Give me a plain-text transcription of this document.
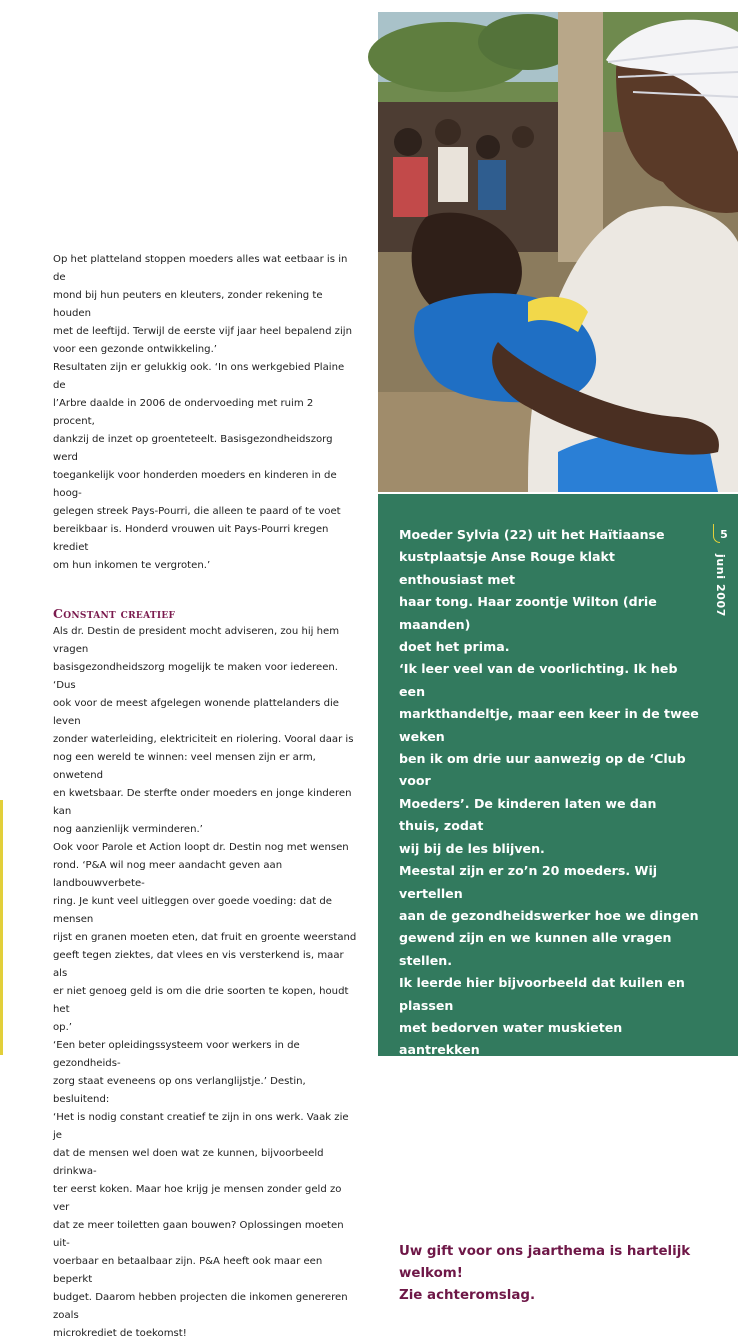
Op het platteland stoppen moeders alles wat eetbaar is in de
mond bij hun peuters en kleuters, zonder rekening te houden
met de leeftijd. Terwijl de eerste vijf jaar heel bepalend zijn
voor een gezonde ontwikkeling.’

Resultaten zijn er gelukkig ook. ‘In ons werkgebied Plaine de
l’Arbre daalde in 2006 de ondervoeding met ruim 2 procent,
dankzij de inzet op groenteteelt. Basisgezondheidszorg werd
toegankelijk voor honderden moeders en kinderen in de hoog-
gelegen streek Pays-Pourri, die alleen te paard of te voet
bereikbaar is. Honderd vrouwen uit Pays-Pourri kregen krediet
om hun inkomen te vergroten.’

Constant creatief

Als dr. Destin de president mocht adviseren, zou hij hem vragen
basisgezondheidszorg mogelijk te maken voor iedereen. ‘Dus
ook voor de meest afgelegen wonende plattelanders die leven
zonder waterleiding, elektriciteit en riolering. Vooral daar is
nog een wereld te winnen: veel mensen zijn er arm, onwetend
en kwetsbaar. De sterfte onder moeders en jonge kinderen kan
nog aanzienlijk verminderen.’

Ook voor Parole et Action loopt dr. Destin nog met wensen
rond. ‘P&A wil nog meer aandacht geven aan landbouwverbete-
ring. Je kunt veel uitleggen over goede voeding: dat de mensen
rijst en granen moeten eten, dat fruit en groente weerstand
geeft tegen ziektes, dat vlees en vis versterkend is, maar als
er niet genoeg geld is om die drie soorten te kopen, houdt het
op.’

‘Een beter opleidingssysteem voor werkers in de gezondheids-
zorg staat eveneens op ons verlanglijstje.’ Destin, besluitend:
‘Het is nodig constant creatief te zijn in ons werk. Vaak zie je
dat de mensen wel doen wat ze kunnen, bijvoorbeeld drinkwa-
ter eerst koken. Maar hoe krijg je mensen zonder geld zo ver
dat ze meer toiletten gaan bouwen? Oplossingen moeten uit-
voerbaar en betaalbaar zijn. P&A heeft ook maar een beperkt
budget. Daarom hebben projecten die inkomen genereren zoals
microkrediet de toekomst!

Moeder Sylvia (22) uit het Haïtiaanse
kustplaatsje Anse Rouge klakt enthousiast met
haar tong. Haar zoontje Wilton (drie maanden)
doet het prima.

‘Ik leer veel van de voorlichting. Ik heb een
markthandeltje, maar een keer in de twee weken
ben ik om drie uur aanwezig op de ‘Club voor
Moeders’. De kinderen laten we dan thuis, zodat
wij bij de les blijven.

Meestal zijn er zo’n 20 moeders. Wij vertellen
aan de gezondheidswerker hoe we dingen
gewend zijn en we kunnen alle vragen stellen.
Ik leerde hier bijvoorbeeld dat kuilen en plassen
met bedorven water muskieten aantrekken
die malaria veroorzaken. Daarom moet je die
plassen dichtgooien. Vanmiddag leerden we hoe
je tuberculose kunt ontdekken.

Af en toe is er een repetitiemiddag. Dan
herhalen we in koor alles wat geleerd is.’

Uw gift voor ons jaarthema is hartelijk
welkom!
Zie achteromslag.
5
juni 2007
